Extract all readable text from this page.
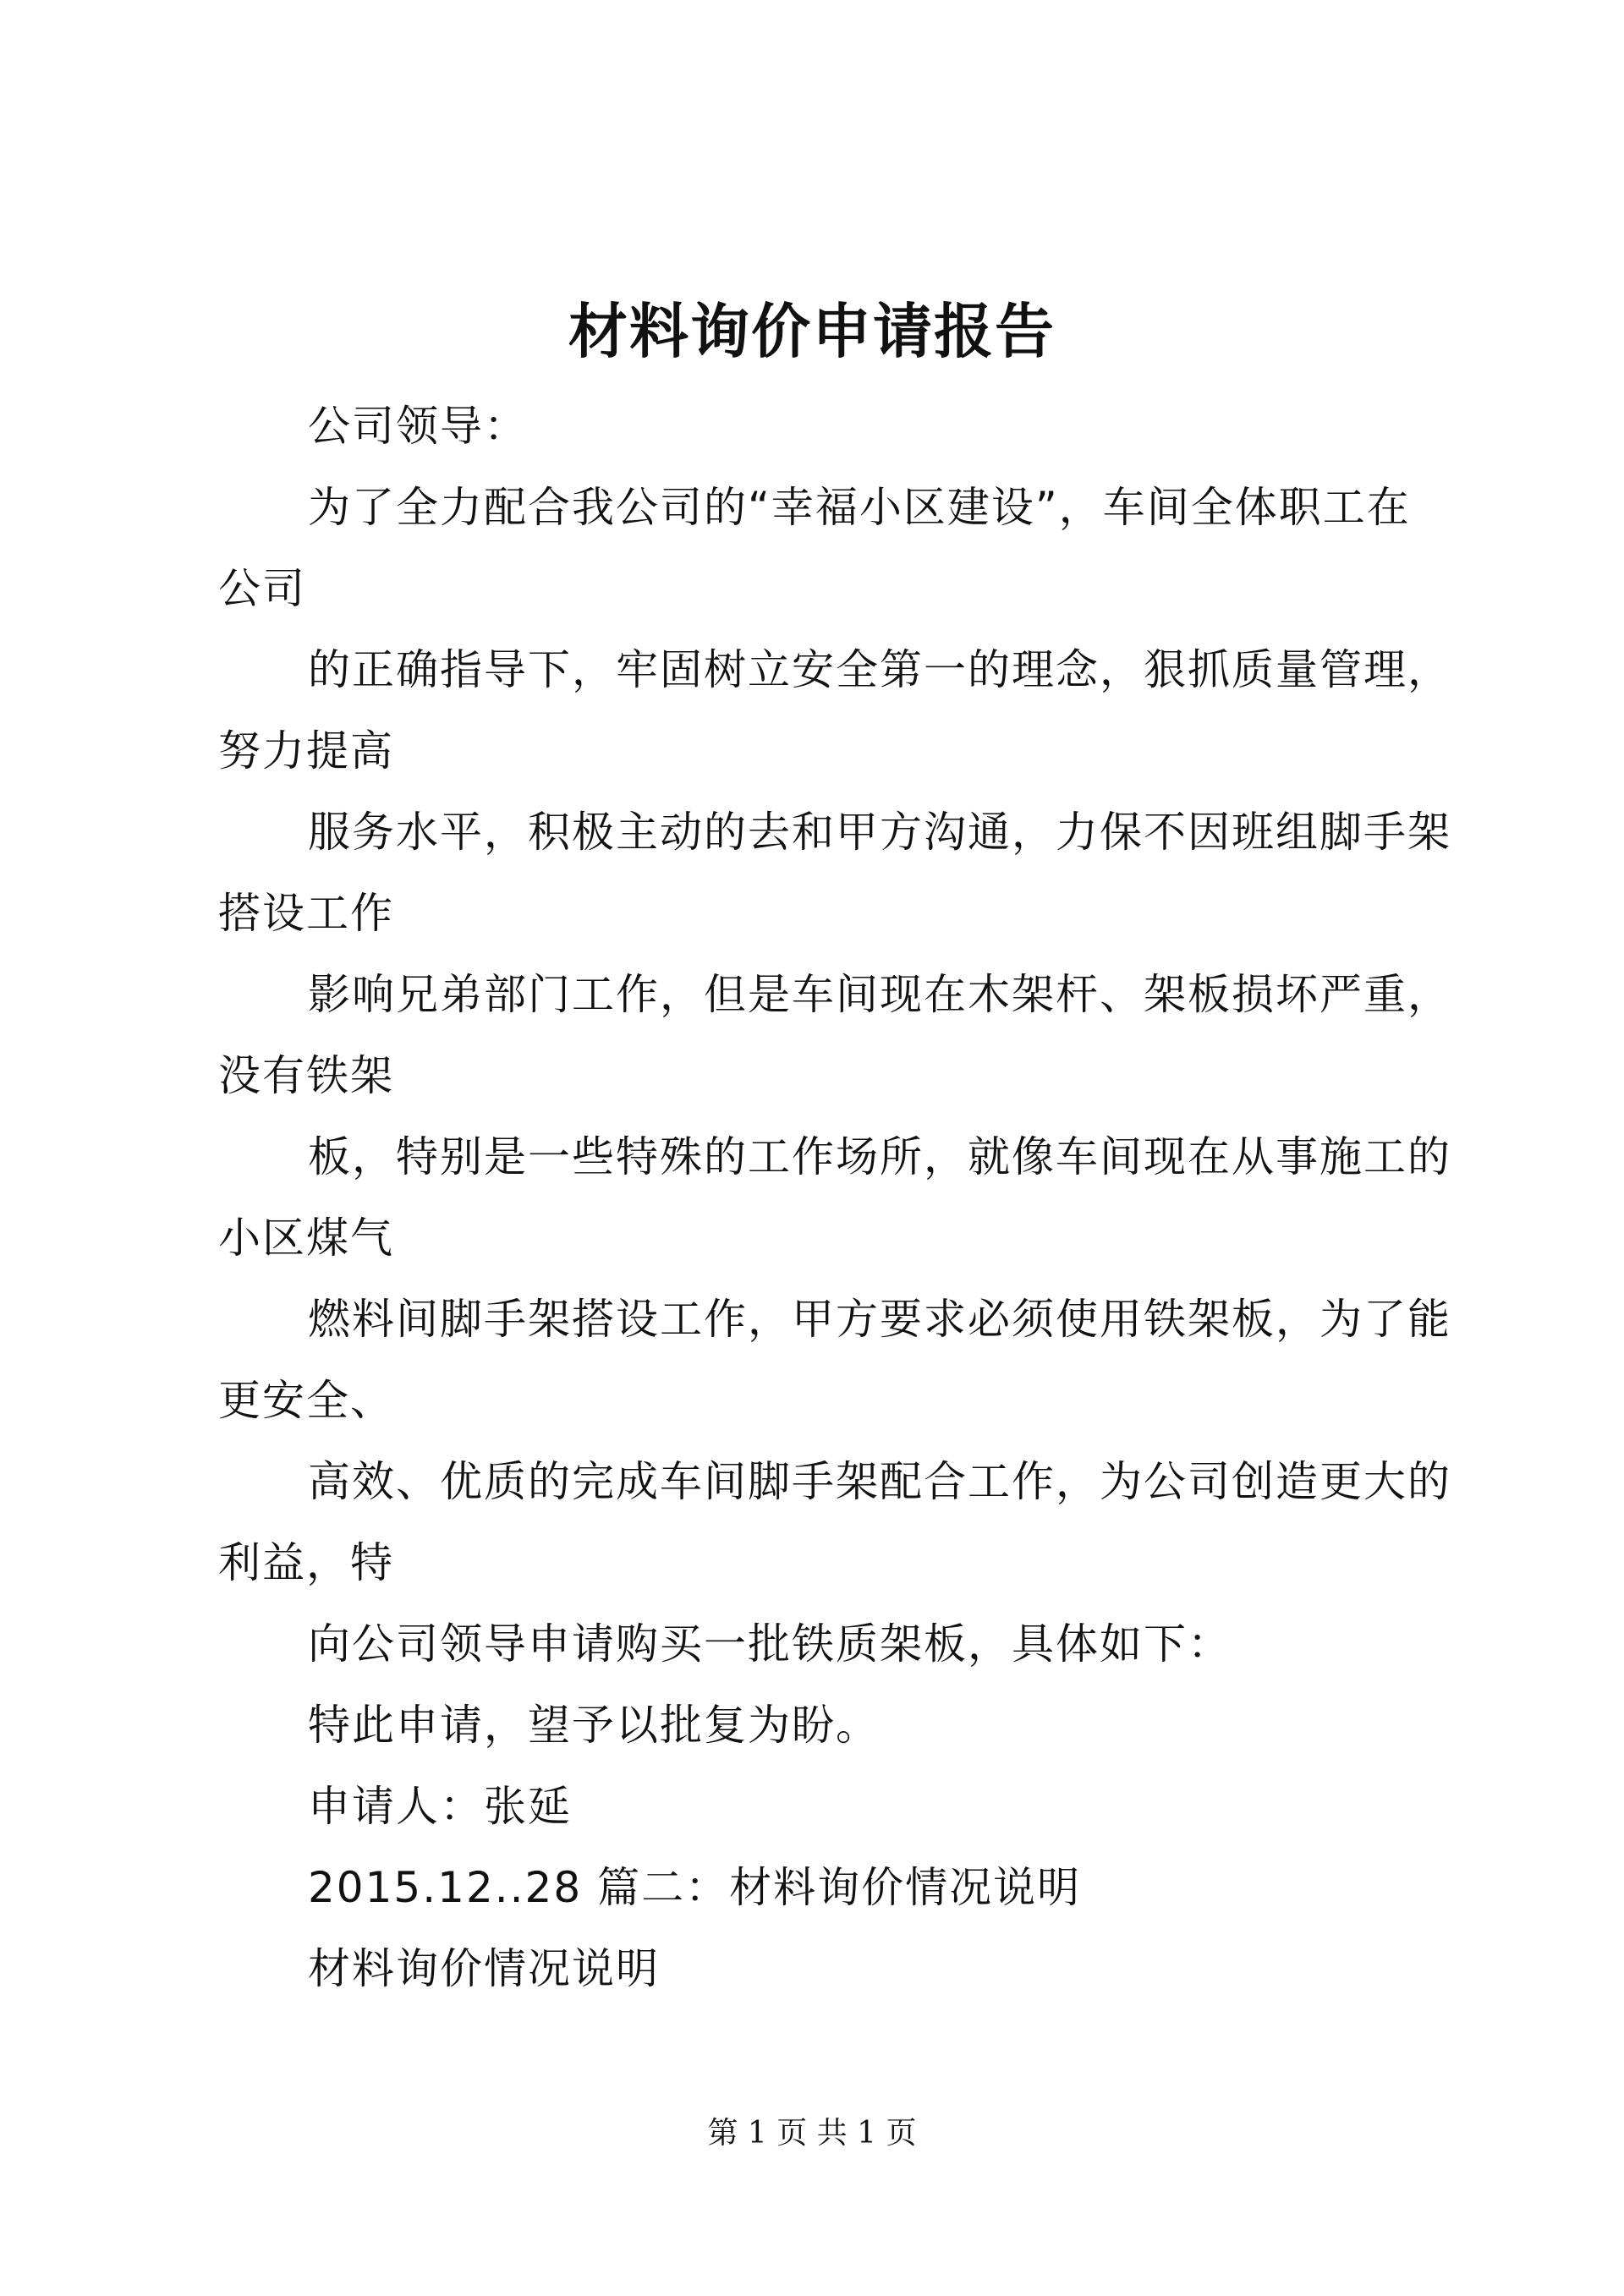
材料询价申请报告

公司领导：

为了全力配合我公司的“幸福小区建设”，车间全体职工在
公司

的正确指导下，牢固树立安全第一的理念，狠抓质量管理，
努力提高

服务水平，积极主动的去和甲方沟通，力保不因班组脚手架
搭设工作

影响兄弟部门工作，但是车间现在木架杆、架板损坏严重，
没有铁架

板，特别是一些特殊的工作场所，就像车间现在从事施工的
小区煤气

燃料间脚手架搭设工作，甲方要求必须使用铁架板，为了能
更安全、

高效、优质的完成车间脚手架配合工作，为公司创造更大的
利益，特

向公司领导申请购买一批铁质架板，具体如下：

特此申请，望予以批复为盼。

申请人：张延

2015.12..28 篇二：材料询价情况说明

材料询价情况说明

第 1 页 共 1 页
